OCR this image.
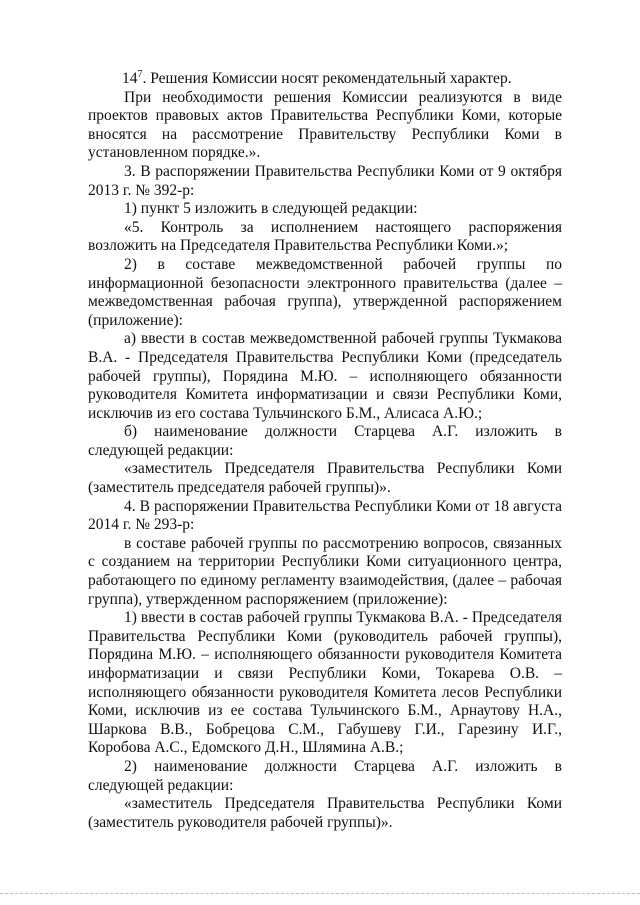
$14^7$. Решения Комиссии носят рекомендательный характер.

При необходимости решения Комиссии реализуются в виде проектов правовых актов Правительства Республики Коми, которые вносятся на рассмотрение Правительству Республики Коми в установленном порядке.».

3. В распоряжении Правительства Республики Коми от 9 октября 2013 г. № 392-р:

1) пункт 5 изложить в следующей редакции:

«5. Контроль за исполнением настоящего распоряжения возложить на Председателя Правительства Республики Коми.»;

2) в составе межведомственной рабочей группы по информационной безопасности электронного правительства (далее – межведомственная рабочая группа), утвержденной распоряжением (приложение):

а) ввести в состав межведомственной рабочей группы Тукмакова В.А. - Председателя Правительства Республики Коми (председатель рабочей группы), Порядина М.Ю. – исполняющего обязанности руководителя Комитета информатизации и связи Республики Коми, исключив из его состава Тульчинского Б.М., Алисаса А.Ю.;

б) наименование должности Старцева А.Г. изложить в следующей редакции:

«заместитель Председателя Правительства Республики Коми (заместитель председателя рабочей группы)».

4. В распоряжении Правительства Республики Коми от 18 августа 2014 г. № 293-р:

в составе рабочей группы по рассмотрению вопросов, связанных с созданием на территории Республики Коми ситуационного центра, работающего по единому регламенту взаимодействия, (далее – рабочая группа), утвержденном распоряжением (приложение):

1) ввести в состав рабочей группы Тукмакова В.А. - Председателя Правительства Республики Коми (руководитель рабочей группы), Порядина М.Ю. – исполняющего обязанности руководителя Комитета информатизации и связи Республики Коми, Токарева О.В. – исполняющего обязанности руководителя Комитета лесов Республики Коми, исключив из ее состава Тульчинского Б.М., Арнаутову Н.А., Шаркова В.В., Бобрецова С.М., Габушеву Г.И., Гарезину И.Г., Коробова А.С., Едомского Д.Н., Шлямина А.В.;

2) наименование должности Старцева А.Г. изложить в следующей редакции:

«заместитель Председателя Правительства Республики Коми (заместитель руководителя рабочей группы)».
